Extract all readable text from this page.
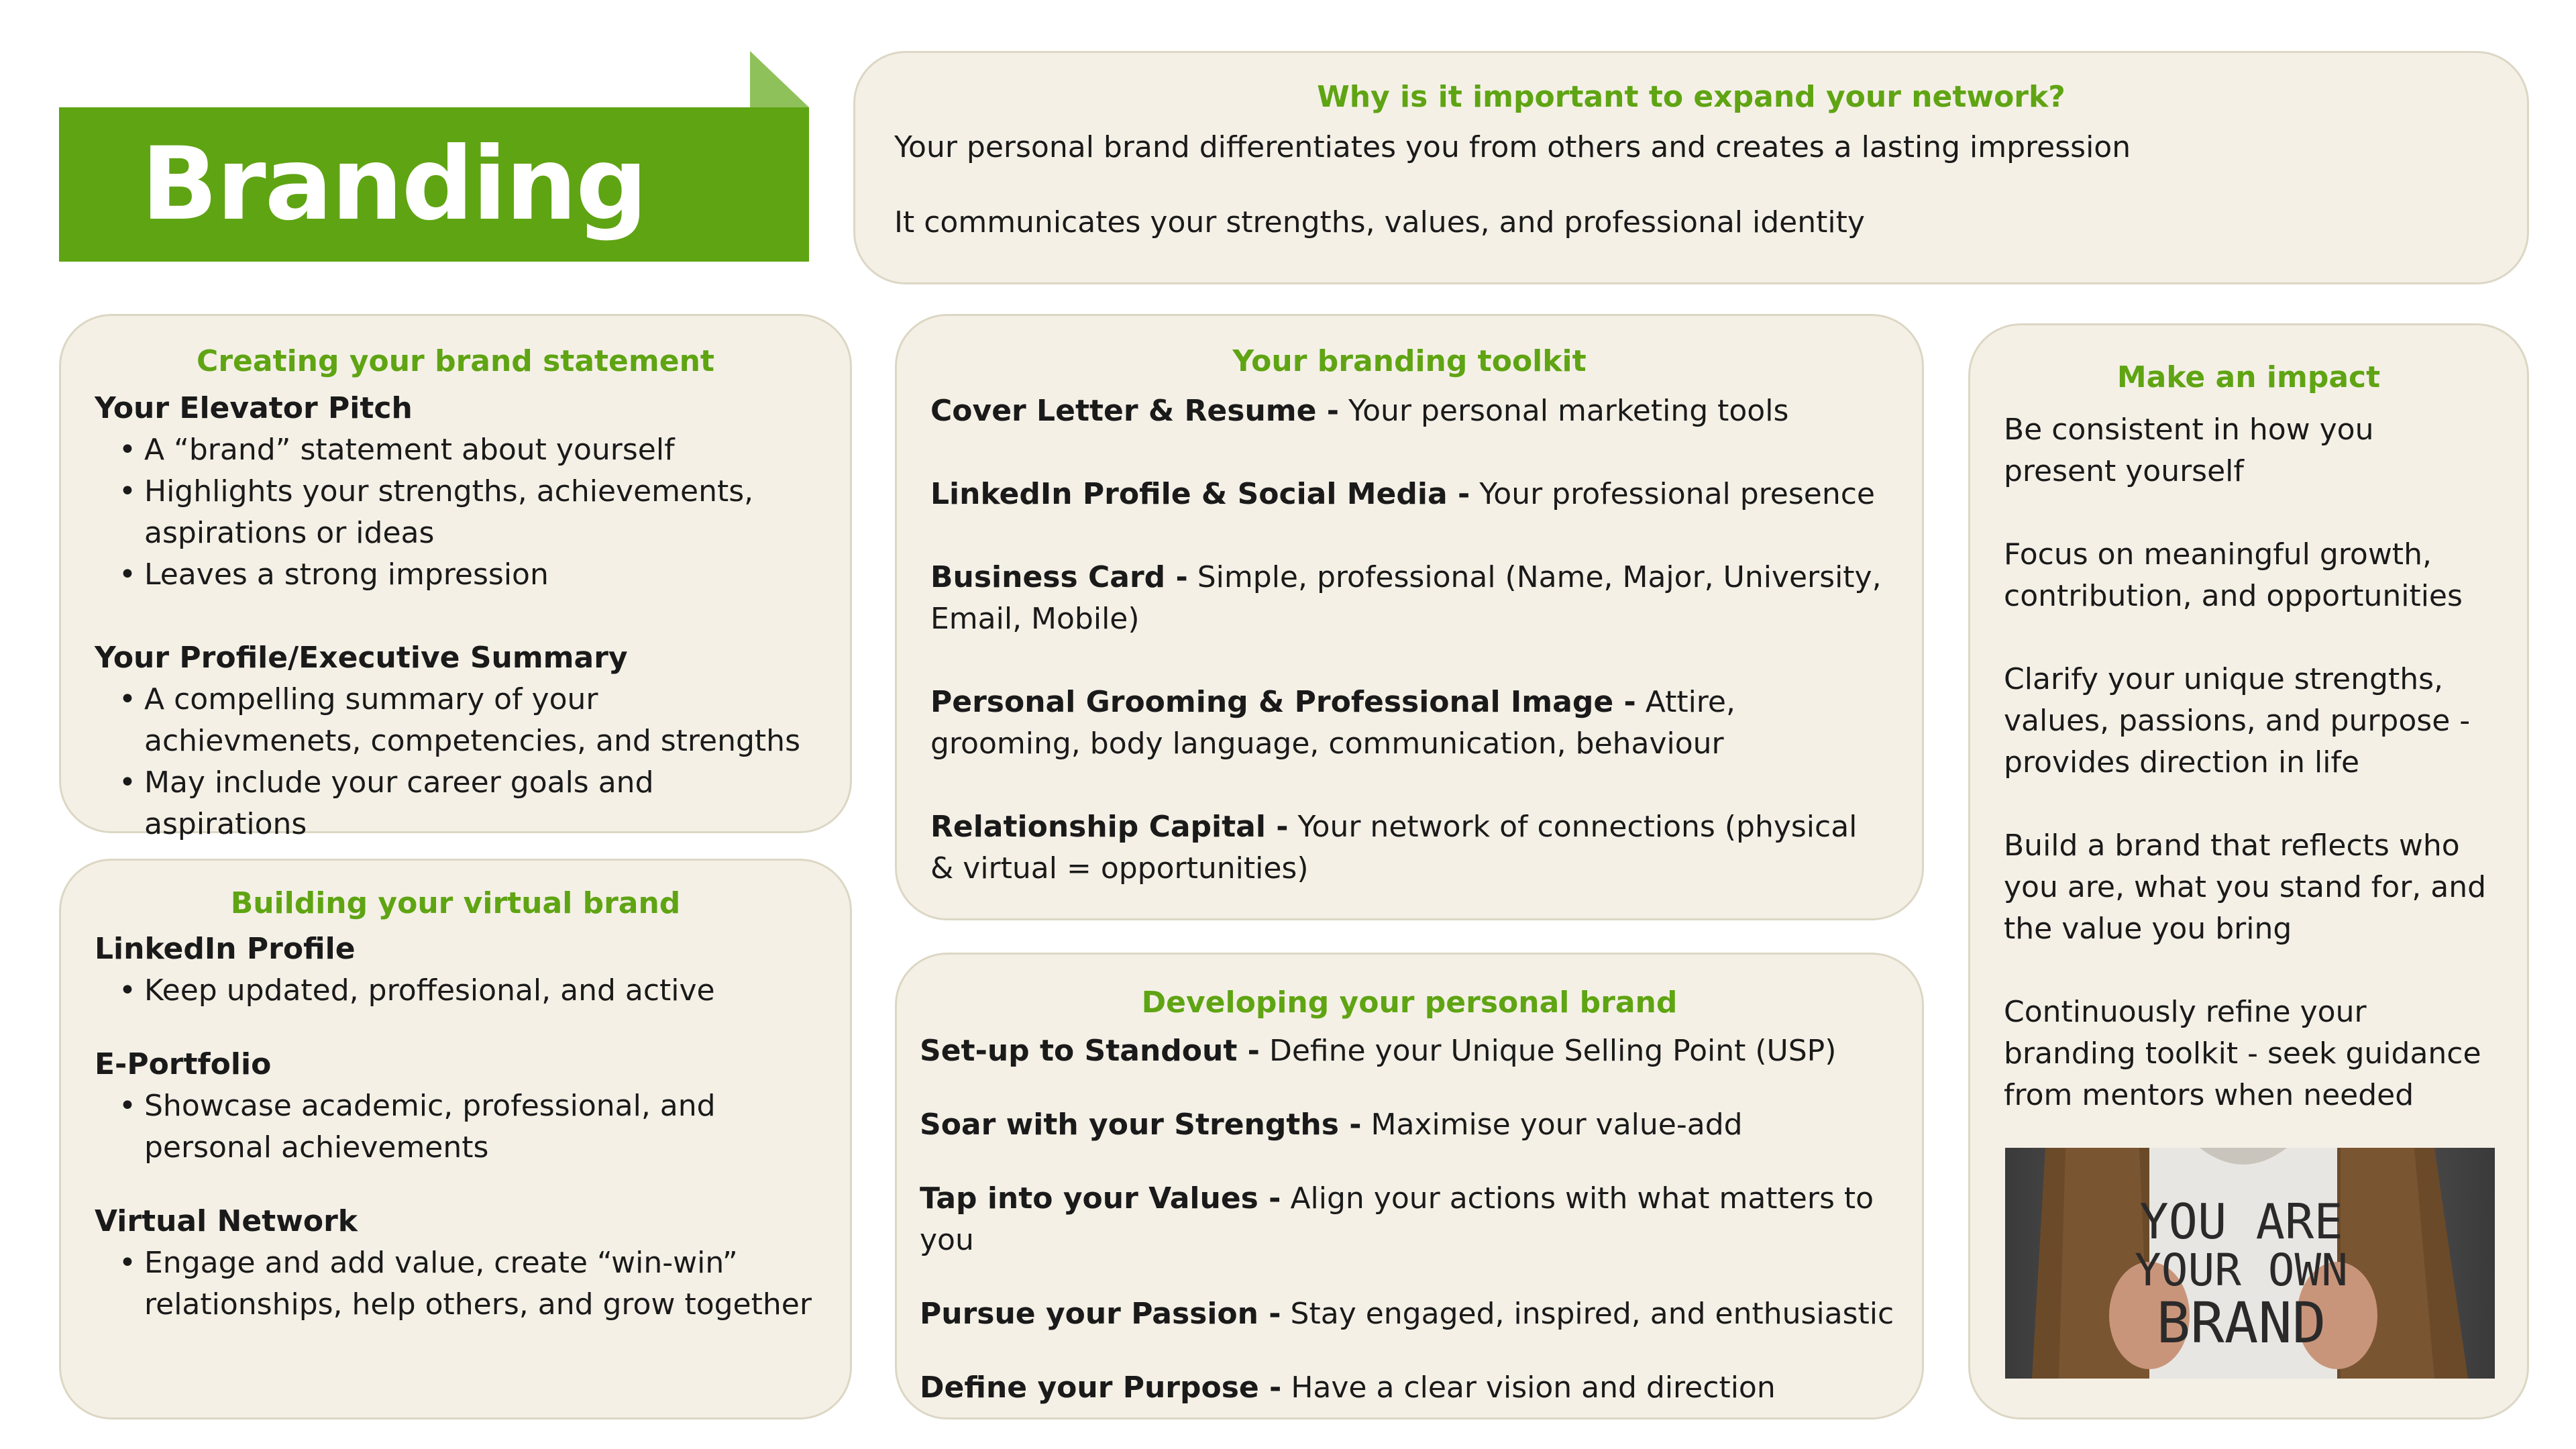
Branding
Why is it important to expand your network?
Your personal brand differentiates you from others and creates a lasting impression
It communicates your strengths, values, and professional identity
Creating your brand statement
Your Elevator Pitch
• A “brand” statement about yourself
• Highlights your strengths, achievements, aspirations or ideas
• Leaves a strong impression
Your Profile/Executive Summary
• A compelling summary of your achievmenets, competencies, and strengths
• May include your career goals and aspirations
Building your virtual brand
LinkedIn Profile
• Keep updated, proffesional, and active
E-Portfolio
• Showcase academic, professional, and personal achievements
Virtual Network
• Engage and add value, create “win-win” relationships, help others, and grow together
Your branding toolkit
Cover Letter & Resume - Your personal marketing tools
LinkedIn Profile & Social Media - Your professional presence
Business Card - Simple, professional (Name, Major, University, Email, Mobile)
Personal Grooming & Professional Image - Attire, grooming, body language, communication, behaviour
Relationship Capital - Your network of connections (physical & virtual = opportunities)
Developing your personal brand
Set-up to Standout - Define your Unique Selling Point (USP)
Soar with your Strengths - Maximise your value-add
Tap into your Values - Align your actions with what matters to you
Pursue your Passion - Stay engaged, inspired, and enthusiastic
Define your Purpose - Have a clear vision and direction
Make an impact
Be consistent in how you present yourself
Focus on meaningful growth, contribution, and opportunities
Clarify your unique strengths, values, passions, and purpose - provides direction in life
Build a brand that reflects who you are, what you stand for, and the value you bring
Continuously refine your branding toolkit - seek guidance from mentors when needed
YOU ARE
YOUR OWN
BRAND
